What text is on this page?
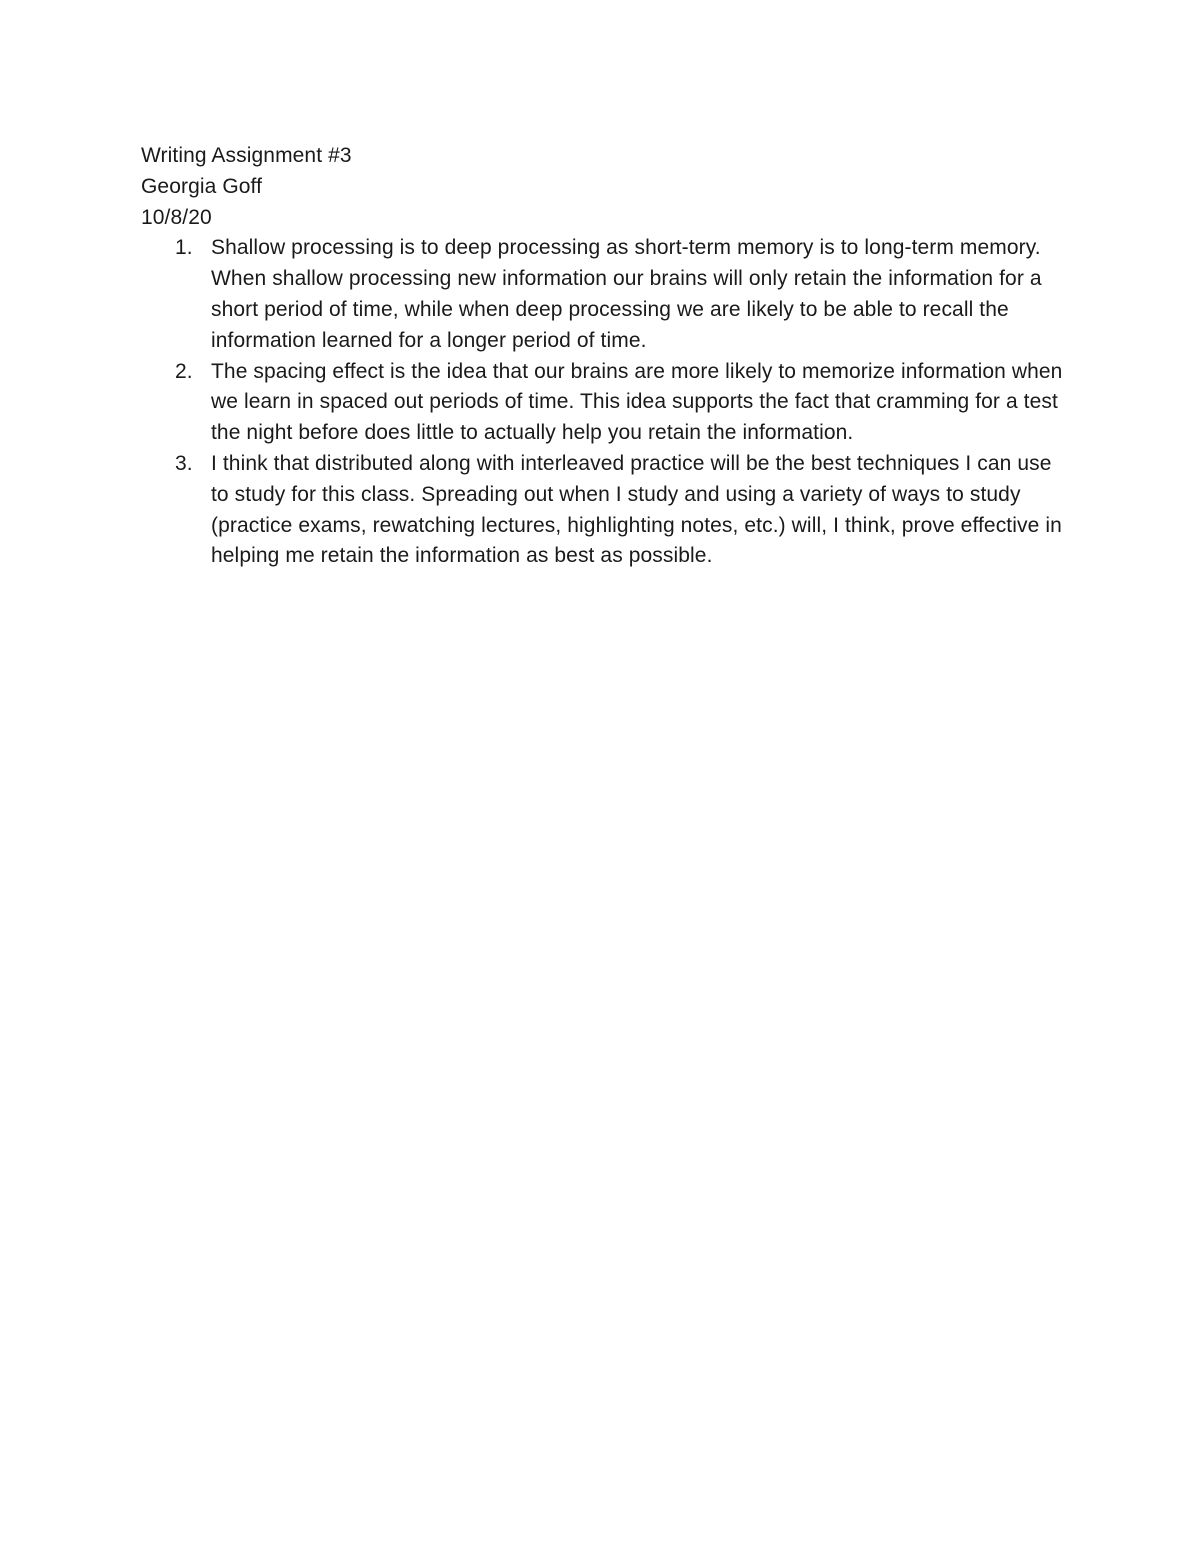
Writing Assignment #3
Georgia Goff
10/8/20
1. Shallow processing is to deep processing as short-term memory is to long-term memory. When shallow processing new information our brains will only retain the information for a short period of time, while when deep processing we are likely to be able to recall the information learned for a longer period of time.
2. The spacing effect is the idea that our brains are more likely to memorize information when we learn in spaced out periods of time. This idea supports the fact that cramming for a test the night before does little to actually help you retain the information.
3. I think that distributed along with interleaved practice will be the best techniques I can use to study for this class. Spreading out when I study and using a variety of ways to study (practice exams, rewatching lectures, highlighting notes, etc.) will, I think, prove effective in helping me retain the information as best as possible.
